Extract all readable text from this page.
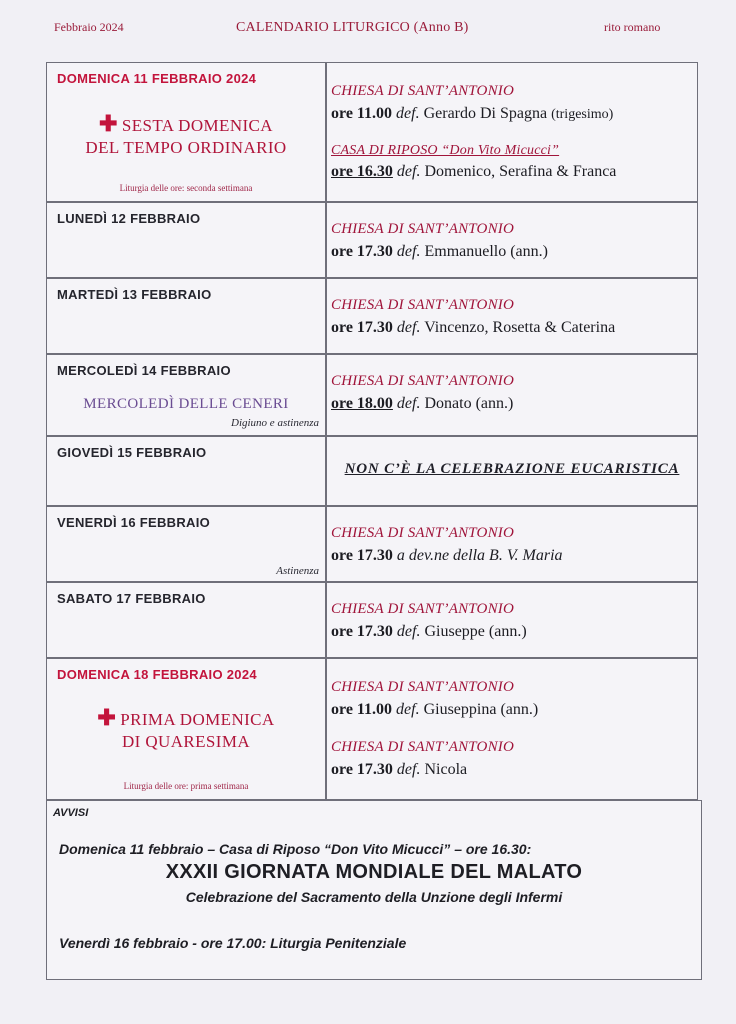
Febbraio 2024	CALENDARIO LITURGICO (Anno B)	rito romano
DOMENICA 11 FEBBRAIO 2024
✚ SESTA DOMENICA
DEL TEMPO ORDINARIO
Liturgia delle ore: seconda settimana
CHIESA DI SANT’ANTONIO
ore 11.00 def. Gerardo Di Spagna (trigesimo)
CASA DI RIPOSO “Don Vito Micucci”
ore 16.30 def. Domenico, Serafina & Franca
LUNEDÌ 12 FEBBRAIO
CHIESA DI SANT’ANTONIO
ore 17.30 def. Emmanuello (ann.)
MARTEDÌ 13 FEBBRAIO
CHIESA DI SANT’ANTONIO
ore 17.30 def. Vincenzo, Rosetta & Caterina
MERCOLEDÌ 14 FEBBRAIO
MERCOLEDÌ DELLE CENERI
Digiuno e astinenza
CHIESA DI SANT’ANTONIO
ore 18.00 def. Donato (ann.)
GIOVEDÌ 15 FEBBRAIO
NON C’È LA CELEBRAZIONE EUCARISTICA
VENERDÌ 16 FEBBRAIO
Astinenza
CHIESA DI SANT’ANTONIO
ore 17.30 a dev.ne della B. V. Maria
SABATO 17 FEBBRAIO
CHIESA DI SANT’ANTONIO
ore 17.30 def. Giuseppe (ann.)
DOMENICA 18 FEBBRAIO 2024
✚ PRIMA DOMENICA
DI QUARESIMA
Liturgia delle ore: prima settimana
CHIESA DI SANT’ANTONIO
ore 11.00 def. Giuseppina (ann.)
CHIESA DI SANT’ANTONIO
ore 17.30 def. Nicola
AVVISI
Domenica 11 febbraio – Casa di Riposo “Don Vito Micucci” – ore 16.30:
XXXII GIORNATA MONDIALE DEL MALATO
Celebrazione del Sacramento della Unzione degli Infermi
Venerdì 16 febbraio - ore 17.00: Liturgia Penitenziale
